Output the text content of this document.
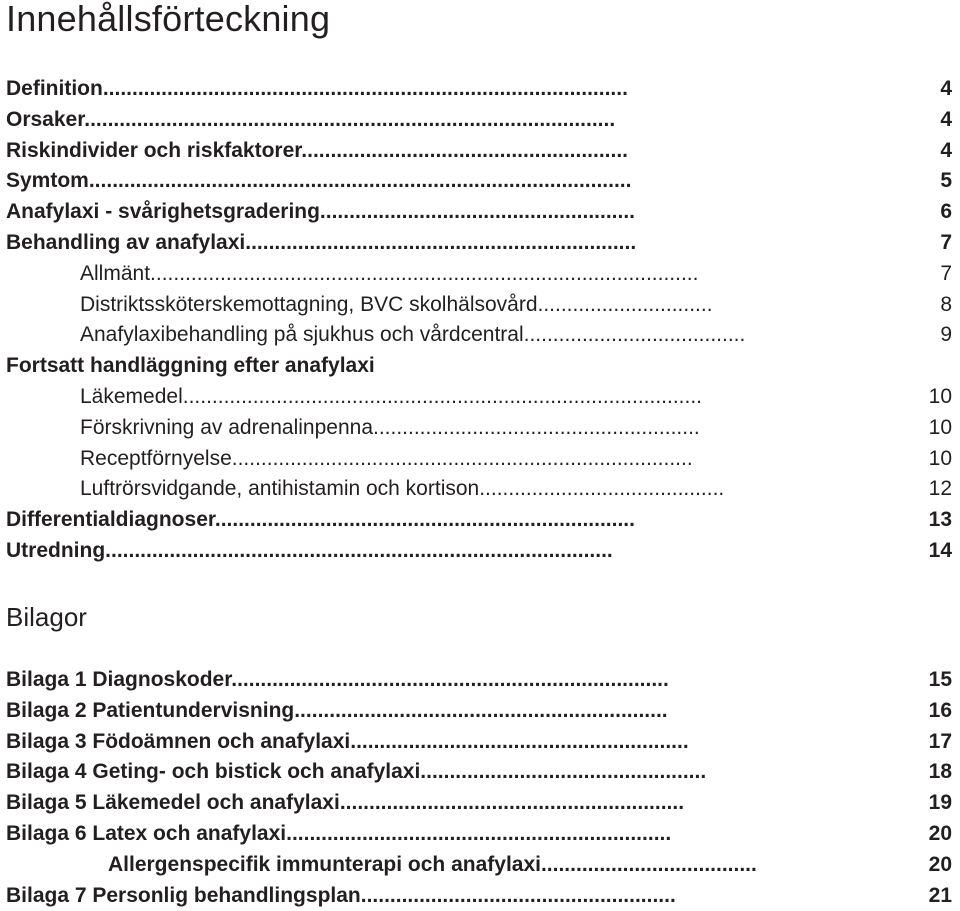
Innehållsförteckning
Definition..........................................................................................	4
Orsaker...........................................................................................	4
Riskindivider och riskfaktorer........................................................	4
Symtom.............................................................................................	5
Anafylaxi - svårighetsgradering......................................................	6
Behandling av anafylaxi...................................................................	7
Allmänt..............................................................................................	7
Distriktssköterskemottagning, BVC skolhälsovård..............................	8
Anafylaxibehandling på sjukhus och vårdcentral......................................	9
Fortsatt handläggning efter anafylaxi
Läkemedel.........................................................................................	10
Förskrivning av adrenalinpenna........................................................	10
Receptförnyelse...............................................................................	10
Luftrörsvidgande, antihistamin och kortison..........................................	12
Differentialdiagnoser........................................................................	13
Utredning.......................................................................................	14
Bilagor
Bilaga 1 Diagnoskoder...........................................................................	15
Bilaga 2 Patientundervisning................................................................	16
Bilaga 3 Födoämnen och anafylaxi..........................................................	17
Bilaga 4 Geting- och bistick och anafylaxi.................................................	18
Bilaga 5 Läkemedel och anafylaxi...........................................................	19
Bilaga 6 Latex och anafylaxi..................................................................	20
Allergenspecifik immunterapi och anafylaxi.....................................	20
Bilaga 7 Personlig behandlingsplan......................................................	21
